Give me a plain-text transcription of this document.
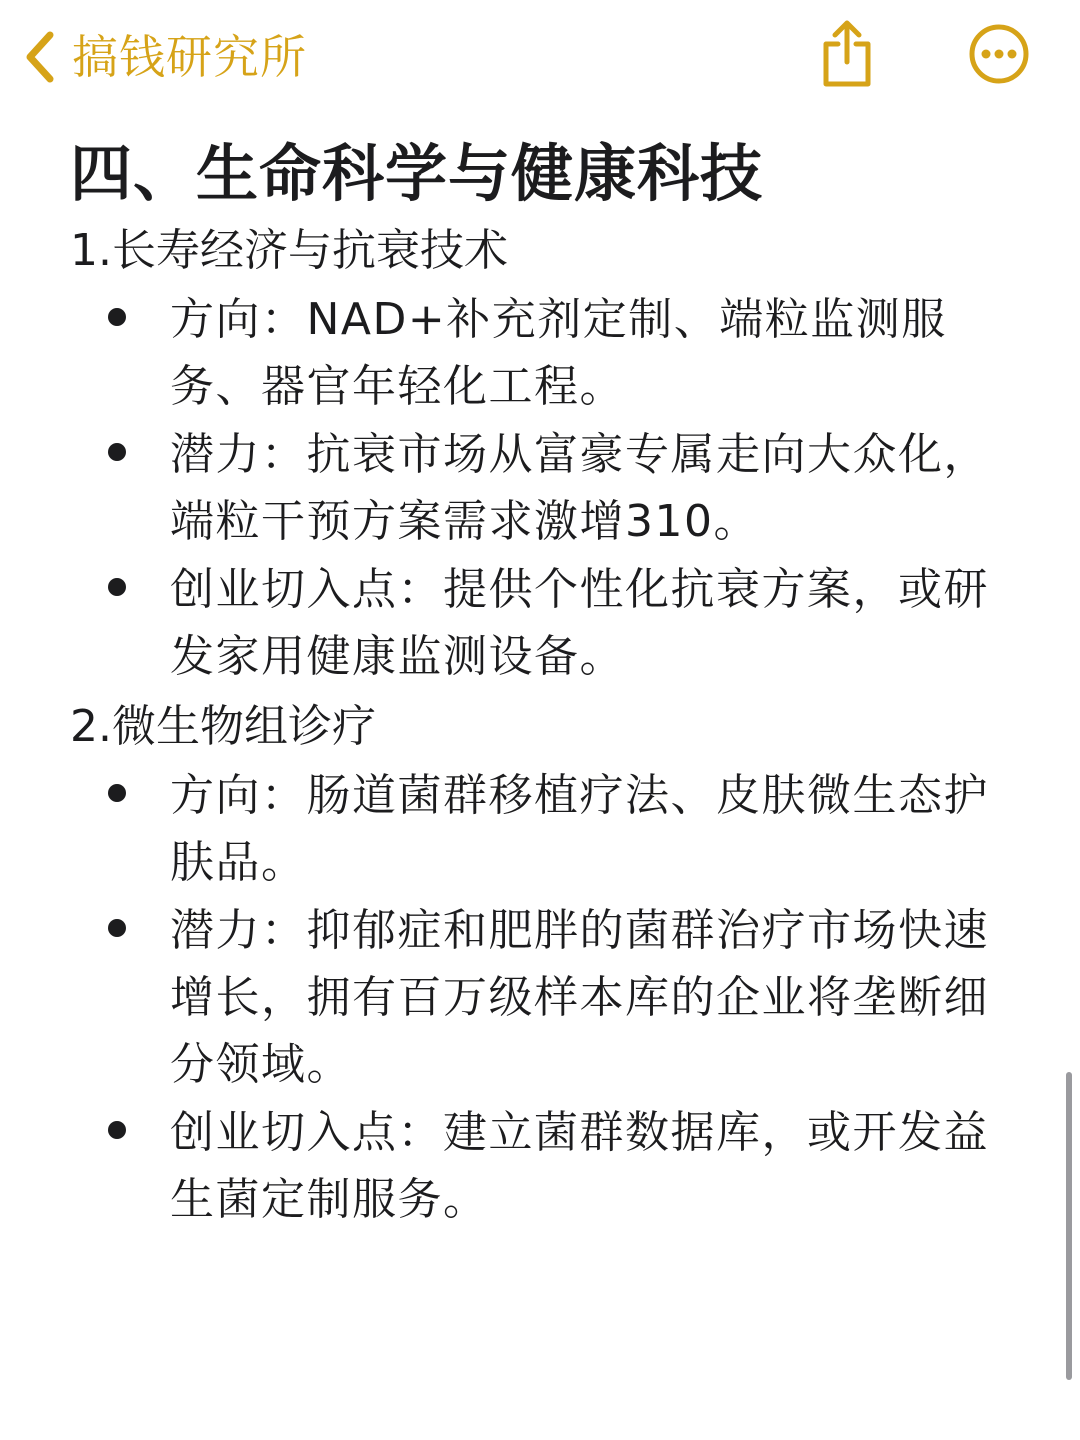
搞钱研究所
四、生命科学与健康科技
1.长寿经济与抗衰技术
方向：NAD+补充剂定制、端粒监测服务、器官年轻化工程。
潜力：抗衰市场从富豪专属走向大众化，端粒干预方案需求激增310。
创业切入点：提供个性化抗衰方案，或研发家用健康监测设备。
2.微生物组诊疗
方向：肠道菌群移植疗法、皮肤微生态护肤品。
潜力：抑郁症和肥胖的菌群治疗市场快速增长，拥有百万级样本库的企业将垄断细分领域。
创业切入点：建立菌群数据库，或开发益生菌定制服务。
